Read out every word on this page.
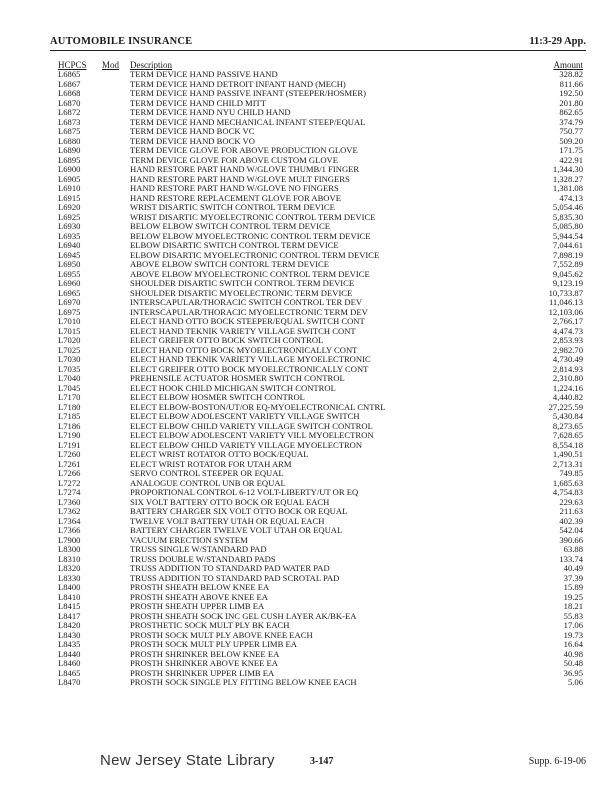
AUTOMOBILE INSURANCE	11:3-29 App.
HCPCS Mod Description	Amount
L6865	TERM DEVICE HAND PASSIVE HAND	328.82
L6867	TERM DEVICE HAND DETROIT INFANT HAND (MECH)	811.66
L6868	TERM DEVICE HAND PASSIVE INFANT (STEEPER/HOSMER)	192.50
L6870	TERM DEVICE HAND CHILD MITT	201.80
L6872	TERM DEVICE HAND NYU CHILD HAND	862.65
L6873	TERM DEVICE HAND MECHANICAL INFANT STEEP/EQUAL	374.79
L6875	TERM DEVICE HAND BOCK VC	750.77
L6880	TERM DEVICE HAND BOCK VO	509.20
L6890	TERM DEVICE GLOVE FOR ABOVE PRODUCTION GLOVE	171.75
L6895	TERM DEVICE GLOVE FOR ABOVE CUSTOM GLOVE	422.91
L6900	HAND RESTORE PART HAND W/GLOVE THUMB/1 FINGER	1,344.30
L6905	HAND RESTORE PART HAND W/GLOVE MULT FINGERS	1,328.27
L6910	HAND RESTORE PART HAND W/GLOVE NO FINGERS	1,381.08
L6915	HAND RESTORE REPLACEMENT GLOVE FOR ABOVE	474.13
L6920	WRIST DISARTIC SWITCH CONTROL TERM DEVICE	5,054.46
L6925	WRIST DISARTIC MYOELECTRONIC CONTROL TERM DEVICE	5,835.30
L6930	BELOW ELBOW SWITCH CONTROL TERM DEVICE	5,085.80
L6935	BELOW ELBOW MYOELECTRONIC CONTROL TERM DEVICE	5,944.54
L6940	ELBOW DISARTIC SWITCH CONTROL TERM DEVICE	7,044.61
L6945	ELBOW DISARTIC MYOELECTRONIC CONTROL TERM DEVICE	7,898.19
L6950	ABOVE ELBOW SWITCH CONTORL TERM DEVICE	7,552.89
L6955	ABOVE ELBOW MYOELECTRONIC CONTROL TERM DEVICE	9,045.62
L6960	SHOULDER DISARTIC SWITCH CONTROL TERM DEVICE	9,123.19
L6965	SHOULDER DISARTIC MYOELECTRONIC TERM DEVICE	10,733.87
L6970	INTERSCAPULAR/THORACIC SWITCH CONTROL TER DEV	11,046.13
L6975	INTERSCAPULAR/THORACIC MYOELECTRONIC TERM DEV	12,103.06
L7010	ELECT HAND OTTO BOCK STEEPER/EQUAL SWITCH CONT	2,766.17
L7015	ELECT HAND TEKNIK VARIETY VILLAGE SWITCH CONT	4,474.73
L7020	ELECT GREIFER OTTO BOCK SWITCH CONTROL	2,853.93
L7025	ELECT HAND OTTO BOCK MYOELECTRONICALLY CONT	2,982.70
L7030	ELECT HAND TEKNIK VARIETY VILLAGE MYOELECTRONIC	4,730.49
L7035	ELECT GREIFER OTTO BOCK MYOELECTRONICALLY CONT	2,814.93
L7040	PREHENSILE ACTUATOR HOSMER SWITCH CONTROL	2,310.80
L7045	ELECT HOOK CHILD MICHIGAN SWITCH CONTROL	1,224.16
L7170	ELECT ELBOW HOSMER SWITCH CONTROL	4,440.82
L7180	ELECT ELBOW-BOSTON/UT/OR EQ-MYOELECTRONICAL CNTRL	27,225.59
L7185	ELECT ELBOW ADOLESCENT VARIETY VILLAGE SWITCH	5,430.84
L7186	ELECT ELBOW CHILD VARIETY VILLAGE SWITCH CONTROL	8,273.65
L7190	ELECT ELBOW ADOLESCENT VARIETY VILL MYOELECTRON	7,628.65
L7191	ELECT ELBOW CHILD VARIETY VILLAGE MYOELECTRON	8,554.18
L7260	ELECT WRIST ROTATOR OTTO BOCK/EQUAL	1,490.51
L7261	ELECT WRIST ROTATOR FOR UTAH ARM	2,713.31
L7266	SERVO CONTROL STEEPER OR EQUAL	749.85
L7272	ANALOGUE CONTROL UNB OR EQUAL	1,685.63
L7274	PROPORTIONAL CONTROL 6-12 VOLT-LIBERTY/UT OR EQ	4,754.83
L7360	SIX VOLT BATTERY OTTO BOCK OR EQUAL EACH	229.63
L7362	BATTERY CHARGER SIX VOLT OTTO BOCK OR EQUAL	211.63
L7364	TWELVE VOLT BATTERY UTAH OR EQUAL EACH	402.39
L7366	BATTERY CHARGER TWELVE VOLT UTAH OR EQUAL	542.04
L7900	VACUUM ERECTION SYSTEM	390.66
L8300	TRUSS SINGLE W/STANDARD PAD	63.88
L8310	TRUSS DOUBLE W/STANDARD PADS	133.74
L8320	TRUSS ADDITION TO STANDARD PAD WATER PAD	40.49
L8330	TRUSS ADDITION TO STANDARD PAD SCROTAL PAD	37.39
L8400	PROSTH SHEATH BELOW KNEE EA	15.89
L8410	PROSTH SHEATH ABOVE KNEE EA	19.25
L8415	PROSTH SHEATH UPPER LIMB EA	18.21
L8417	PROSTH SHEATH SOCK INC GEL CUSH LAYER AK/BK-EA	55.83
L8420	PROSTHETIC SOCK MULT PLY BK EACH	17.06
L8430	PROSTH SOCK MULT PLY ABOVE KNEE EACH	19.73
L8435	PROSTH SOCK MULT PLY UPPER LIMB EA	16.64
L8440	PROSTH SHRINKER BELOW KNEE EA	40.98
L8460	PROSTH SHRINKER ABOVE KNEE EA	50.48
L8465	PROSTH SHRINKER UPPER LIMB EA	36.95
L8470	PROSTH SOCK SINGLE PLY FITTING BELOW KNEE EACH	5.06
New Jersey State Library	3-147	Supp. 6-19-06
